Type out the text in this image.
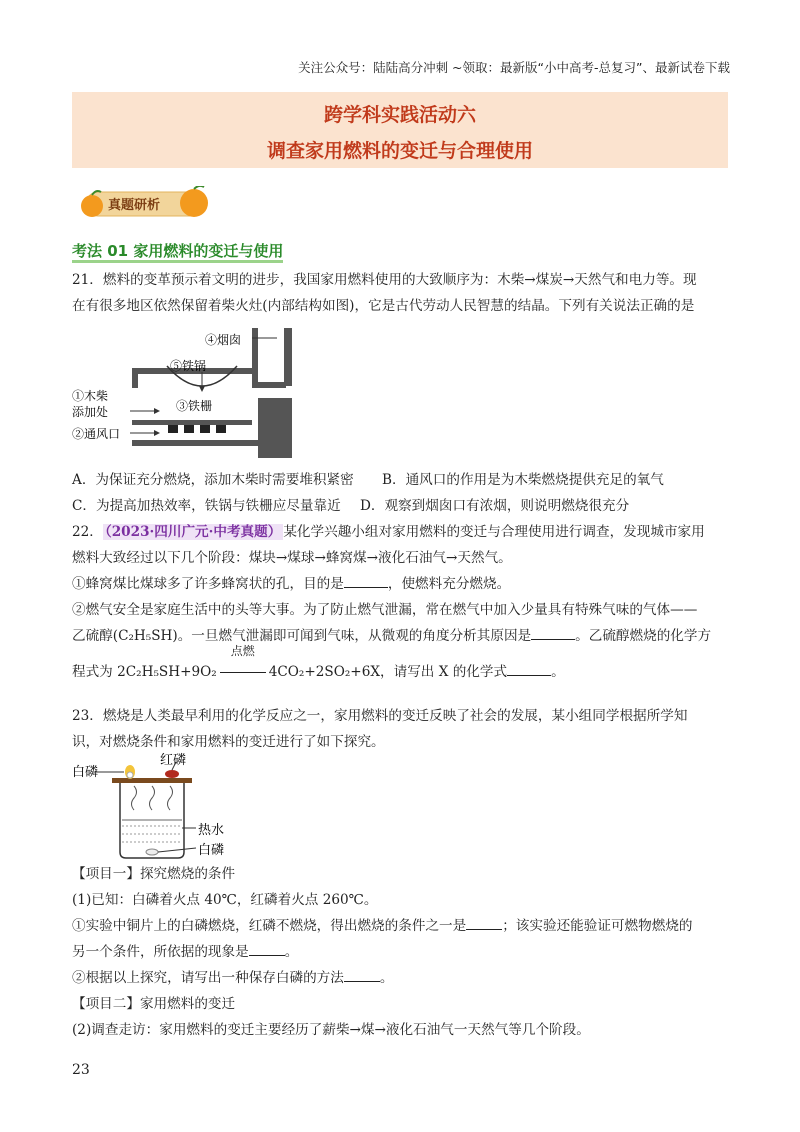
关注公众号：陆陆高分冲刺 ~领取：最新版“小中高考-总复习”、最新试卷下载
跨学科实践活动六
调查家用燃料的变迁与合理使用
真题研析
考法 01 家用燃料的变迁与使用
21．燃料的变革预示着文明的进步，我国家用燃料使用的大致顺序为：木柴→煤炭→天然气和电力等。现
在有很多地区依然保留着柴火灶(内部结构如图)，它是古代劳动人民智慧的结晶。下列有关说法正确的是
④烟囱
⑤铁锅
①木柴
添加处	③铁栅
②通风口
A．为保证充分燃烧，添加木柴时需要堆积紧密	B．通风口的作用是为木柴燃烧提供充足的氧气
C．为提高加热效率，铁锅与铁栅应尽量靠近	D．观察到烟囱口有浓烟，则说明燃烧很充分
22． （2023·四川广元·中考真题） 某化学兴趣小组对家用燃料的变迁与合理使用进行调查，发现城市家用
燃料大致经过以下几个阶段：煤块→煤球→蜂窝煤→液化石油气→天然气。
①蜂窝煤比煤球多了许多蜂窝状的孔，目的是	，使燃料充分燃烧。
②燃气安全是家庭生活中的头等大事。为了防止燃气泄漏，常在燃气中加入少量具有特殊气味的气体——
乙硫醇(C₂H₅SH)。一旦燃气泄漏即可闻到气味，从微观的角度分析其原因是	。乙硫醇燃烧的化学方
程式为 2C₂H₅SH+9O₂
点燃
4CO₂+2SO₂+6X，请写出 X 的化学式	。
23．燃烧是人类最早利用的化学反应之一，家用燃料的变迁反映了社会的发展，某小组同学根据所学知
识，对燃烧条件和家用燃料的变迁进行了如下探究。
白磷
红磷
热水
白磷
【项目一】探究燃烧的条件
(1)已知：白磷着火点 40℃，红磷着火点 260℃。
①实验中铜片上的白磷燃烧，红磷不燃烧，得出燃烧的条件之一是	；该实验还能验证可燃物燃烧的
另一个条件，所依据的现象是	。
②根据以上探究，请写出一种保存白磷的方法	。
【项目二】家用燃料的变迁
(2)调查走访：家用燃料的变迁主要经历了薪柴→煤→液化石油气一天然气等几个阶段。
23
